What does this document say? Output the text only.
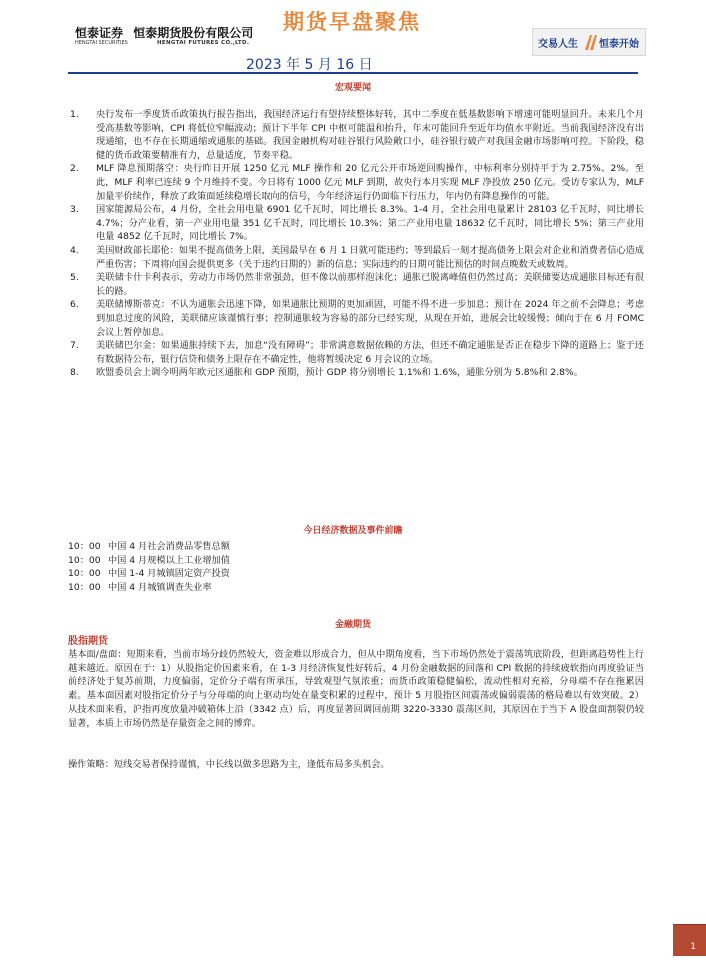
恒泰证券 恒泰期货股份有限公司
HENGTAI SECURITIES	HENGTAI FUTURES CO.,LTD.
期货早盘聚焦
交易人生 恒泰开始
2023 年 5 月 16 日
宏观要闻
1. 央行发布一季度货币政策执行报告指出，我国经济运行有望持续整体好转，其中二季度在低基数影响下增速可能明显回升。未来几个月受高基数等影响，CPI 将低位窄幅波动；预计下半年 CPI 中枢可能温和抬升，年末可能回升至近年均值水平附近。当前我国经济没有出现通缩，也不存在长期通缩或通胀的基础。我国金融机构对硅谷银行风险敞口小，硅谷银行破产对我国金融市场影响可控。下阶段，稳健的货币政策要精准有力，总量适度，节奏平稳。
2. MLF 降息预期落空：央行昨日开展 1250 亿元 MLF 操作和 20 亿元公开市场逆回购操作，中标利率分别持平于为 2.75%、2%。至此，MLF 利率已连续 9 个月维持不变。今日将有 1000 亿元 MLF 到期，故央行本月实现 MLF 净投放 250 亿元。受访专家认为，MLF 加量平价续作，释放了政策面延续稳增长取向的信号，今年经济运行仍面临下行压力，年内仍有降息操作的可能。
3. 国家能源局公布，4 月份，全社会用电量 6901 亿千瓦时，同比增长 8.3%。1-4 月，全社会用电量累计 28103 亿千瓦时，同比增长 4.7%；分产业看，第一产业用电量 351 亿千瓦时，同比增长 10.3%；第二产业用电量 18632 亿千瓦时，同比增长 5%；第三产业用电量 4852 亿千瓦时，同比增长 7%。
4. 美国财政部长耶伦：如果不提高债务上限，美国最早在 6 月 1 日就可能违约；等到最后一刻才提高债务上限会对企业和消费者信心造成严重伤害；下周将向国会提供更多（关于违约日期的）新的信息；实际违约的日期可能比预估的时间点晚数天或数周。
5. 美联储卡什卡利表示，劳动力市场仍然非常强劲，但不像以前那样泡沫化；通胀已脱离峰值但仍然过高；美联储要达成通胀目标还有很长的路。
6. 美联储博斯蒂克：不认为通胀会迅速下降，如果通胀比预期的更加顽固，可能不得不进一步加息；预计在 2024 年之前不会降息；考虑到加息过度的风险，美联储应该谨慎行事；控制通胀较为容易的部分已经实现，从现在开始，进展会比较缓慢；倾向于在 6 月 FOMC 会议上暂停加息。
7. 美联储巴尔金：如果通胀持续下去，加息“没有障碍”；非常满意数据依赖的方法，但还不确定通胀是否正在稳步下降的道路上；鉴于还有数据待公布，银行信贷和债务上限存在不确定性，他将暂缓决定 6 月会议的立场。
8. 欧盟委员会上调今明两年欧元区通胀和 GDP 预期，预计 GDP 将分别增长 1.1%和 1.6%，通胀分别为 5.8%和 2.8%。
今日经济数据及事件前瞻
10：00 中国 4 月社会消费品零售总额
10：00 中国 4 月规模以上工业增加值
10：00 中国 1-4 月城镇固定资产投资
10：00 中国 4 月城镇调查失业率
金融期货
股指期货

基本面/盘面：短期来看，当前市场分歧仍然较大，资金难以形成合力，但从中期角度看，当下市场仍然处于震荡筑底阶段，但距离趋势性上行越来越近。原因在于：1）从股指定价因素来看，在 1-3 月经济恢复性好转后，4 月份金融数据的回落和 CPI 数据的持续疲软指向再度验证当前经济处于复苏前期，力度偏弱，定价分子端有所承压，导致观望气氛浓重；而货币政策稳健偏松，流动性相对充裕，分母端不存在拖累因素。基本面因素对股指定价分子与分母端的向上驱动均处在量变积累的过程中，预计 5 月股指区间震荡或偏弱震荡的格局难以有效突破。2）从技术面来看，沪指再度放量冲破箱体上沿（3342 点）后，再度显著回调回前期 3220-3330 震荡区间，其原因在于当下 A 股盘面割裂仍较显著，本质上市场仍然是存量资金之间的博弈。

操作策略：短线交易者保持谨慎，中长线以做多思路为主，逢低布局多头机会。

1
